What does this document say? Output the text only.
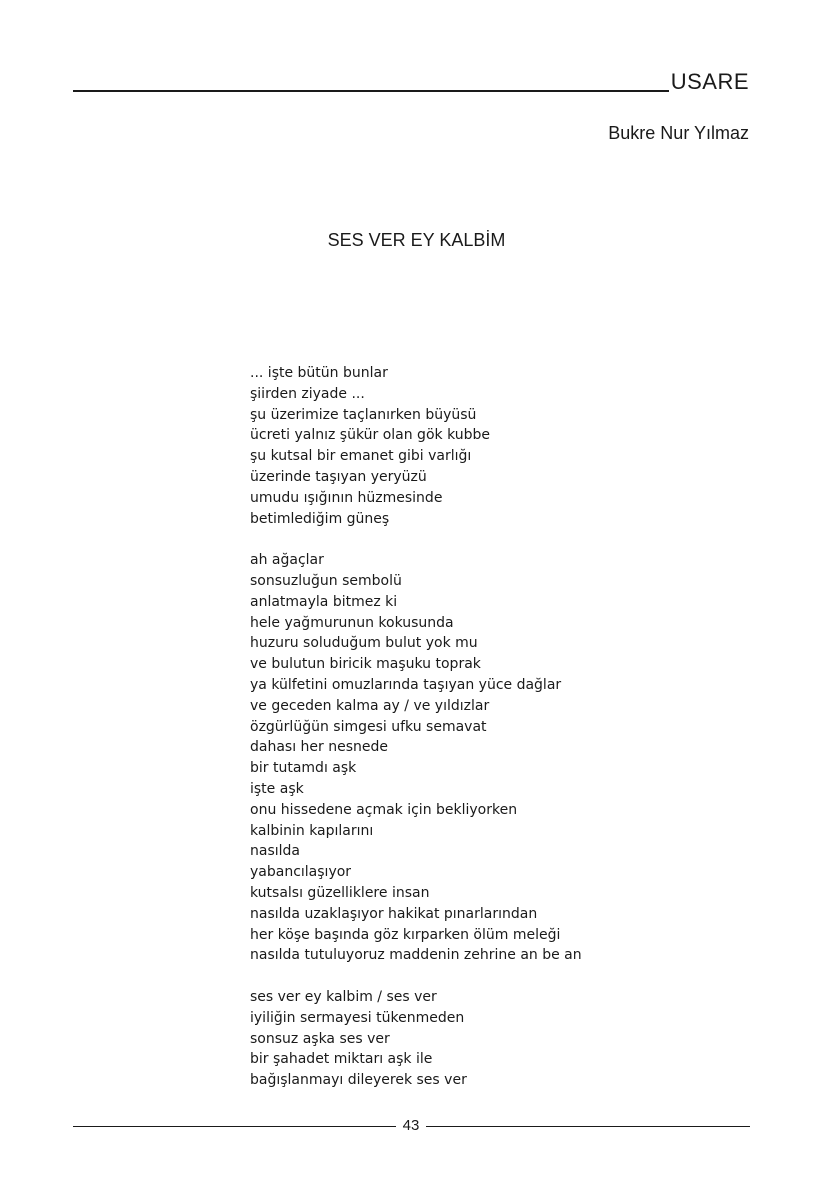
USARE
Bukre Nur Yılmaz
SES VER EY KALBİM
... işte bütün bunlar
şiirden ziyade ...
şu üzerimize taçlanırken büyüsü
ücreti yalnız şükür olan gök kubbe
şu kutsal bir emanet gibi varlığı
üzerinde taşıyan yeryüzü
umudu ışığının hüzmesinde
betimlediğim güneş
ah ağaçlar
sonsuzluğun sembolü
anlatmayla bitmez ki
hele yağmurunun kokusunda
huzuru soluduğum bulut yok mu
ve bulutun biricik maşuku toprak
ya külfetini omuzlarında taşıyan yüce dağlar
ve geceden kalma ay / ve yıldızlar
özgürlüğün simgesi ufku semavat
dahası her nesnede
bir tutamdı aşk
işte aşk
onu hissedene açmak için bekliyorken
kalbinin kapılarını
nasılda
yabancılaşıyor
kutsalsı güzelliklere insan
nasılda uzaklaşıyor hakikat pınarlarından
her köşe başında göz kırparken ölüm meleği
nasılda tutuluyoruz maddenin zehrine an be an
ses ver ey kalbim / ses ver
iyiliğin sermayesi tükenmeden
sonsuz aşka ses ver
bir şahadet miktarı aşk ile
bağışlanmayı dileyerek ses ver
43
